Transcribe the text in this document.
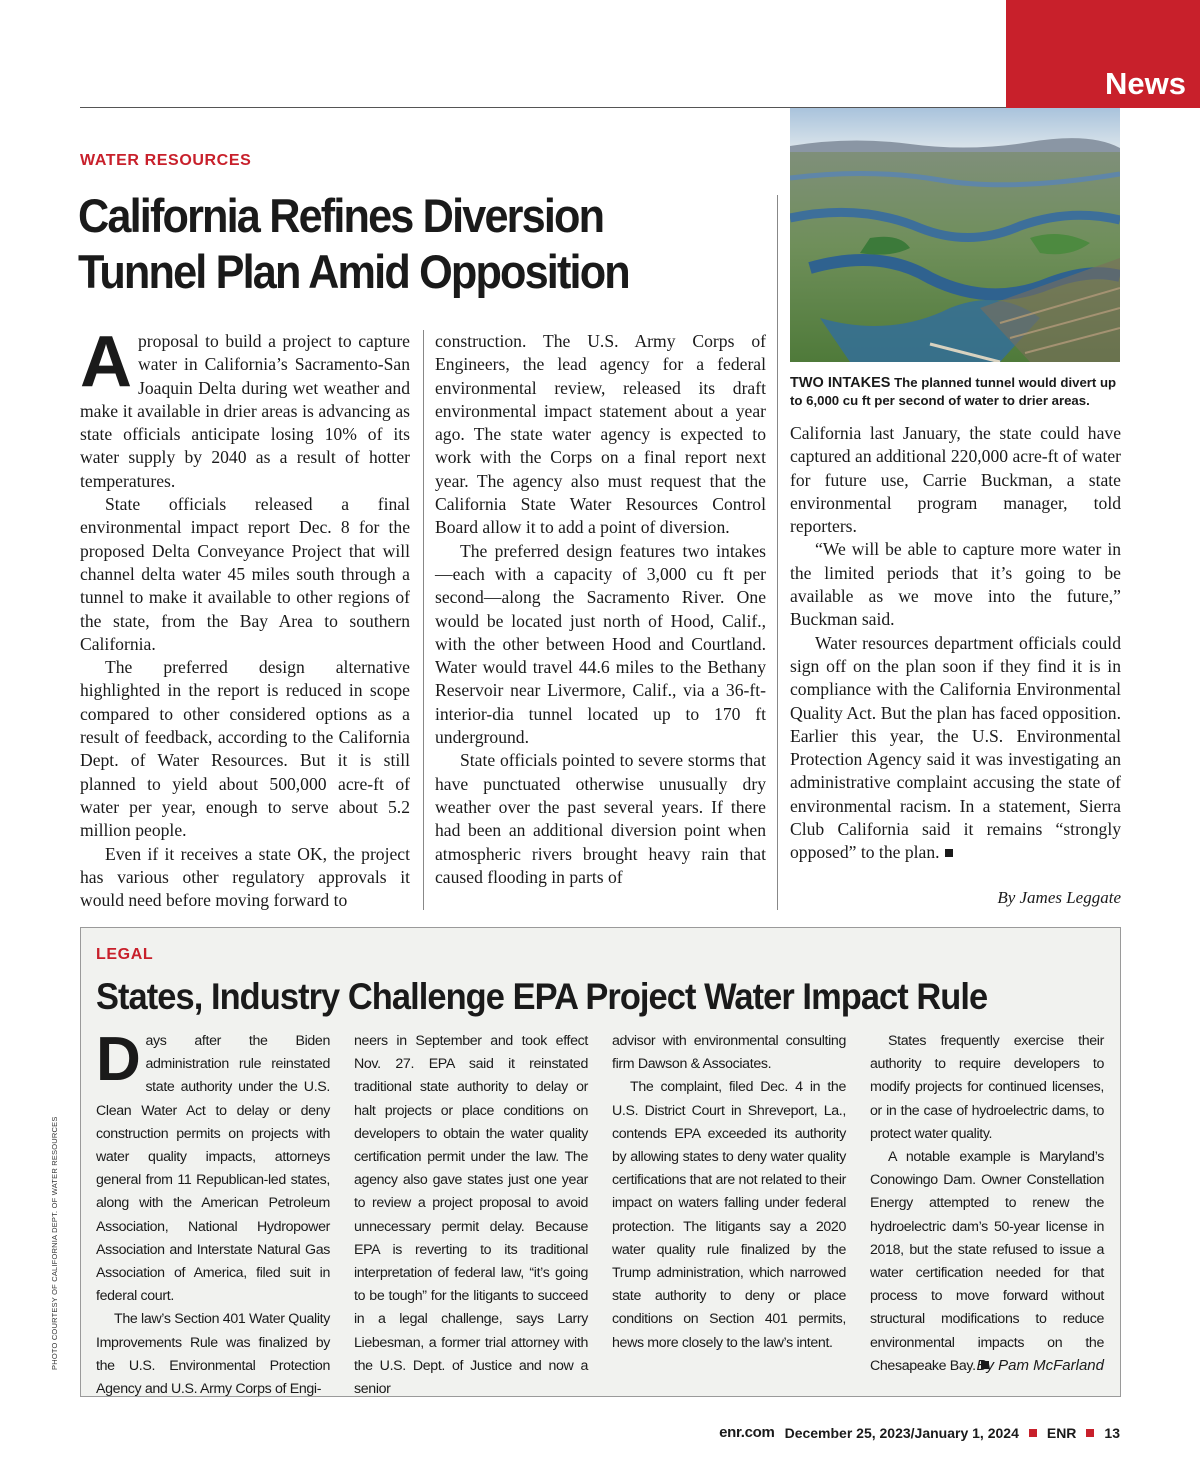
News
WATER RESOURCES
California Refines Diversion
Tunnel Plan Amid Opposition

Aproposal to build a project to capture water in California’s Sacramento-San Joaquin Delta during wet weather and make it available in drier areas is advancing as state officials anticipate losing 10% of its water supply by 2040 as a result of hotter temperatures.

State officials released a final environmental impact report Dec. 8 for the proposed Delta Conveyance Project that will channel delta water 45 miles south through a tunnel to make it available to other regions of the state, from the Bay Area to southern California.

The preferred design alternative highlighted in the report is reduced in scope compared to other considered options as a result of feedback, according to the California Dept. of Water Resources. But it is still planned to yield about 500,000 acre-ft of water per year, enough to serve about 5.2 million people.

Even if it receives a state OK, the project has various other regulatory approvals it would need before moving forward to

construction. The U.S. Army Corps of Engineers, the lead agency for a federal environmental review, released its draft environmental impact statement about a year ago. The state water agency is expected to work with the Corps on a final report next year. The agency also must request that the California State Water Resources Control Board allow it to add a point of diversion.

The preferred design features two intakes—each with a capacity of 3,000 cu ft per second—along the Sacramento River. One would be located just north of Hood, Calif., with the other between Hood and Courtland. Water would travel 44.6 miles to the Bethany Reservoir near Livermore, Calif., via a 36-ft-interior-dia tunnel located up to 170 ft underground.

State officials pointed to severe storms that have punctuated otherwise unusually dry weather over the past several years. If there had been an additional diversion point when atmospheric rivers brought heavy rain that caused flooding in parts of

TWO INTAKES The planned tunnel would divert up to 6,000 cu ft per second of water to drier areas.

California last January, the state could have captured an additional 220,000 acre-ft of water for future use, Carrie Buckman, a state environmental program manager, told reporters.

“We will be able to capture more water in the limited periods that it’s going to be available as we move into the future,” Buckman said.

Water resources department officials could sign off on the plan soon if they find it is in compliance with the California Environmental Quality Act. But the plan has faced opposition. Earlier this year, the U.S. Environmental Protection Agency said it was investigating an administrative complaint accusing the state of environmental racism. In a statement, Sierra Club California said it remains “strongly opposed” to the plan.

By James Leggate
LEGAL
States, Industry Challenge EPA Project Water Impact Rule

Days after the Biden administration rule reinstated state authority under the U.S. Clean Water Act to delay or deny construction permits on projects with water quality impacts, attorneys general from 11 Republican-led states, along with the American Petroleum Association, National Hydropower Association and Interstate Natural Gas Association of America, filed suit in federal court.

The law’s Section 401 Water Quality Improvements Rule was finalized by the U.S. Environmental Protection Agency and U.S. Army Corps of Engi-

neers in September and took effect Nov. 27. EPA said it reinstated traditional state authority to delay or halt projects or place conditions on developers to obtain the water quality certification permit under the law. The agency also gave states just one year to review a project proposal to avoid unnecessary permit delay. Because EPA is reverting to its traditional interpretation of federal law, “it’s going to be tough” for the litigants to succeed in a legal challenge, says Larry Liebesman, a former trial attorney with the U.S. Dept. of Justice and now a senior

advisor with environmental consulting firm Dawson & Associates.

The complaint, filed Dec. 4 in the U.S. District Court in Shreveport, La., contends EPA exceeded its authority by allowing states to deny water quality certifications that are not related to their impact on waters falling under federal protection. The litigants say a 2020 water quality rule finalized by the Trump administration, which narrowed state authority to deny or place conditions on Section 401 permits, hews more closely to the law’s intent.

States frequently exercise their authority to require developers to modify projects for continued licenses, or in the case of hydroelectric dams, to protect water quality.

A notable example is Maryland’s Conowingo Dam. Owner Constellation Energy attempted to renew the hydroelectric dam’s 50-year license in 2018, but the state refused to issue a water certification needed for that process to move forward without structural modifications to reduce environmental impacts on the Chesapeake Bay. By Pam McFarland
PHOTO COURTESY OF CALIFORNIA DEPT. OF WATER RESOURCES
enr.com December 25, 2023/January 1, 2024 ENR 13
